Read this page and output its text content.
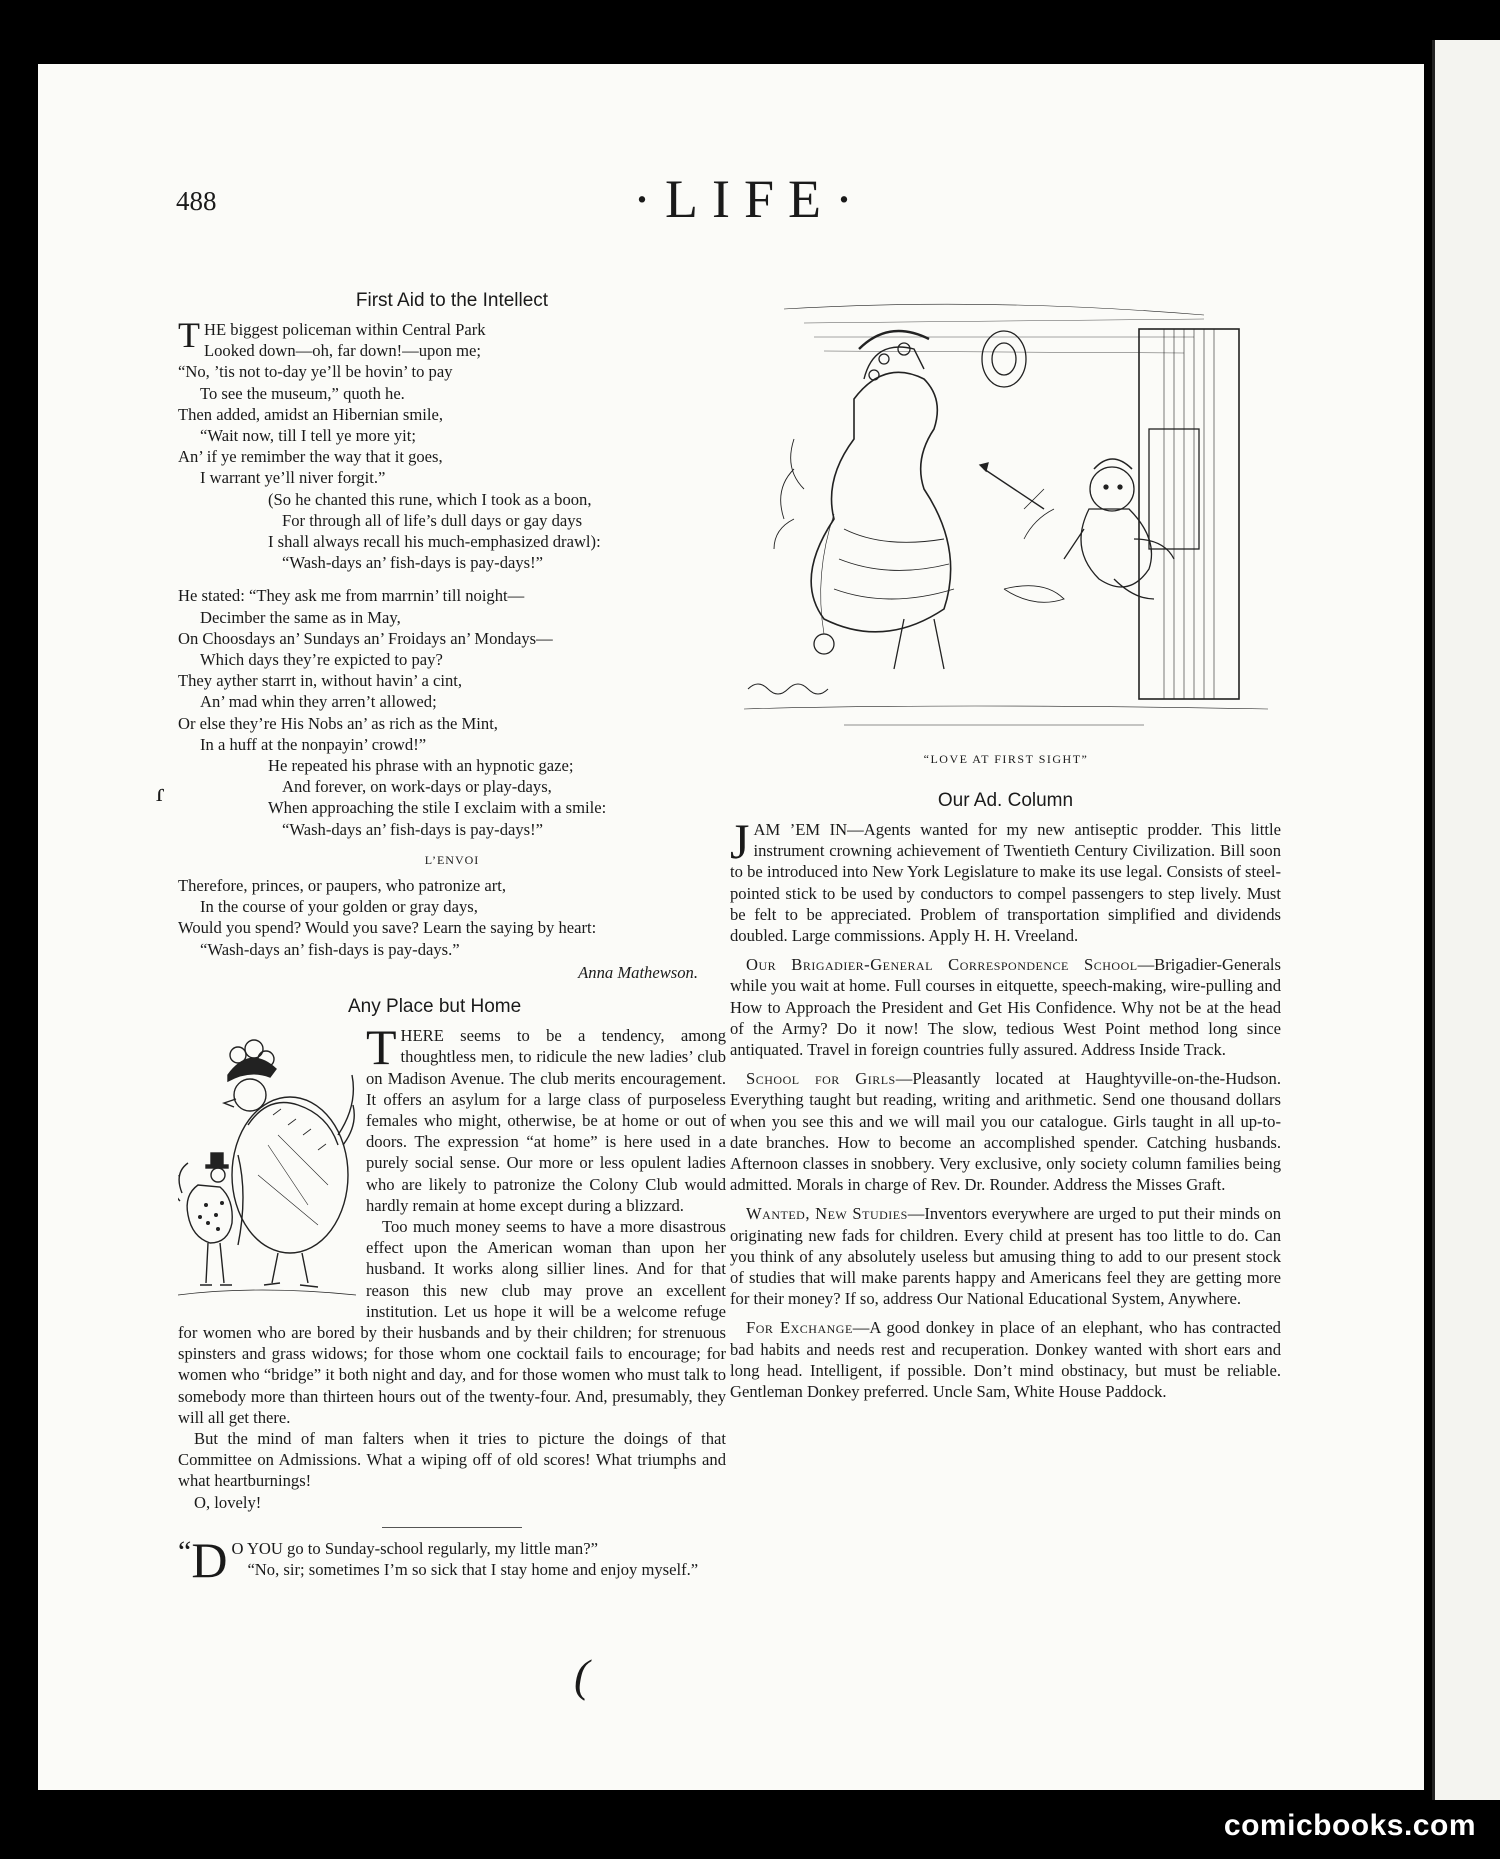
488	·LIFE·
ɾ
First Aid to the Intellect
THE biggest policeman within Central Park
Looked down—oh, far down!—upon me;
“No, ’tis not to-day ye’ll be hovin’ to pay
To see the museum,” quoth he.
Then added, amidst an Hibernian smile,
“Wait now, till I tell ye more yit;
An’ if ye remimber the way that it goes,
I warrant ye’ll niver forgit.”
(So he chanted this rune, which I took as a boon,
For through all of life’s dull days or gay days
I shall always recall his much-emphasized drawl):
“Wash-days an’ fish-days is pay-days!”
He stated: “They ask me from marrnin’ till noight—
Decimber the same as in May,
On Choosdays an’ Sundays an’ Froidays an’ Mondays—
Which days they’re expicted to pay?
They ayther starrt in, without havin’ a cint,
An’ mad whin they arren’t allowed;
Or else they’re His Nobs an’ as rich as the Mint,
In a huff at the nonpayin’ crowd!”
He repeated his phrase with an hypnotic gaze;
And forever, on work-days or play-days,
When approaching the stile I exclaim with a smile:
“Wash-days an’ fish-days is pay-days!”
L’ENVOI
Therefore, princes, or paupers, who patronize art,
In the course of your golden or gray days,
Would you spend? Would you save? Learn the saying by heart:
“Wash-days an’ fish-days is pay-days.”
Anna Mathewson.
Any Place but Home

THERE seems to be a tendency, among thoughtless men, to ridicule the new ladies’ club on Madison Avenue. The club merits encouragement. It offers an asylum for a large class of purposeless females who might, otherwise, be at home or out of doors. The expression “at home” is here used in a purely social sense. Our more or less opulent ladies who are likely to patronize the Colony Club would hardly remain at home except during a blizzard.

Too much money seems to have a more disastrous effect upon the American woman than upon her husband. It works along sillier lines. And for that reason this new club may prove an excellent institution. Let us hope it will be a welcome refuge for women who are bored by their husbands and by their children; for strenuous spinsters and grass widows; for those whom one cocktail fails to encourage; for women who “bridge” it both night and day, and for those women who must talk to somebody more than thirteen hours out of the twenty-four. And, presumably, they will all get there.

But the mind of man falters when it tries to picture the doings of that Committee on Admissions. What a wiping off of old scores! What triumphs and what heartburnings!

O, lovely!

“ D O YOU go to Sunday-school regularly, my little man?”

“No, sir; sometimes I’m so sick that I stay home and enjoy myself.”

“LOVE AT FIRST SIGHT”
Our Ad. Column

JAM ’EM IN—Agents wanted for my new antiseptic prodder. This little instrument crowning achievement of Twentieth Century Civilization. Bill soon to be introduced into New York Legislature to make its use legal. Consists of steel-pointed stick to be used by conductors to compel passengers to step lively. Must be felt to be appreciated. Problem of transportation simplified and dividends doubled. Large commissions. Apply H. H. Vreeland.

Our Brigadier-General Correspondence School—Brigadier-Generals while you wait at home. Full courses in eitquette, speech-making, wire-pulling and How to Approach the President and Get His Confidence. Why not be at the head of the Army? Do it now! The slow, tedious West Point method long since antiquated. Travel in foreign countries fully assured. Address Inside Track.

School for Girls—Pleasantly located at Haughtyville-on-the-Hudson. Everything taught but reading, writing and arithmetic. Send one thousand dollars when you see this and we will mail you our catalogue. Girls taught in all up-to-date branches. How to become an accomplished spender. Catching husbands. Afternoon classes in snobbery. Very exclusive, only society column families being admitted. Morals in charge of Rev. Dr. Rounder. Address the Misses Graft.

Wanted, New Studies—Inventors everywhere are urged to put their minds on originating new fads for children. Every child at present has too little to do. Can you think of any absolutely useless but amusing thing to add to our present stock of studies that will make parents happy and Americans feel they are getting more for their money? If so, address Our National Educational System, Anywhere.

For Exchange—A good donkey in place of an elephant, who has contracted bad habits and needs rest and recuperation. Donkey wanted with short ears and long head. Intelligent, if possible. Don’t mind obstinacy, but must be reliable. Gentleman Donkey preferred. Uncle Sam, White House Paddock.

(
comicbooks.com
